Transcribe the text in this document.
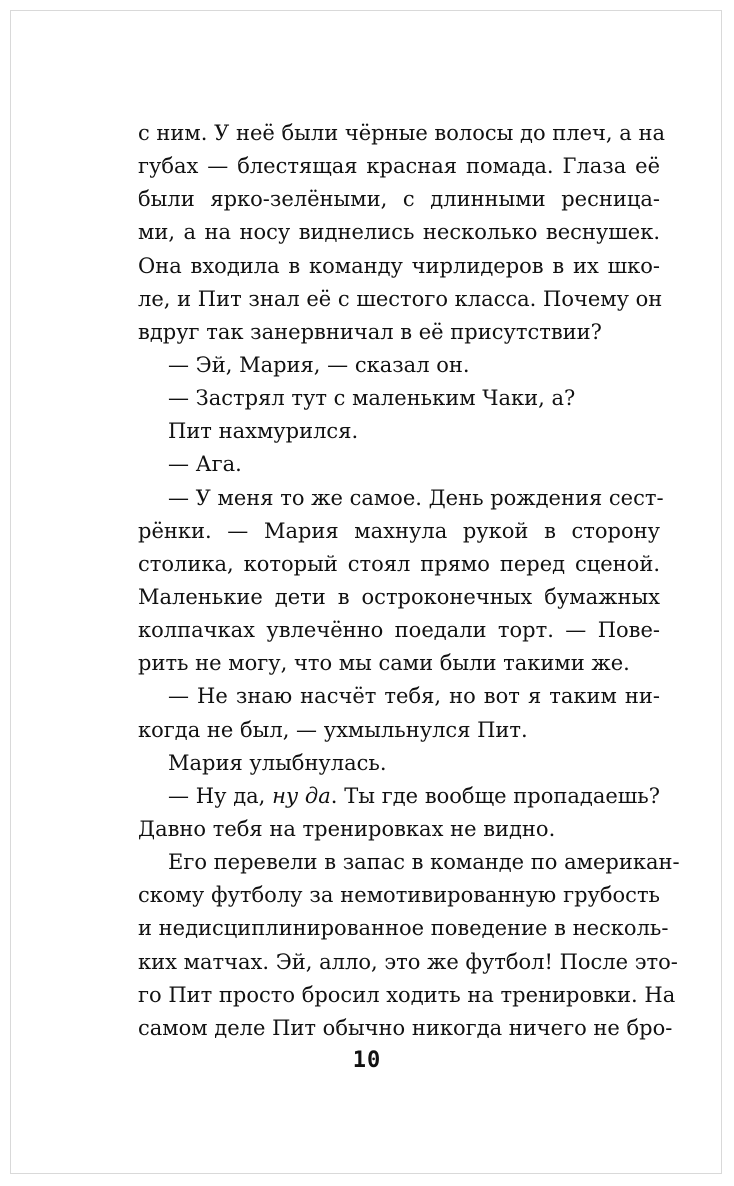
с ним. У неё были чёрные волосы до плеч, а на
губах — блестящая красная помада. Глаза её
были ярко-зелёными, с длинными ресница-
ми, а на носу виднелись несколько веснушек.
Она входила в команду чирлидеров в их шко-
ле, и Пит знал её с шестого класса. Почему он
вдруг так занервничал в её присутствии?
— Эй, Мария, — сказал он.
— Застрял тут с маленьким Чаки, а?
Пит нахмурился.
— Ага.
— У меня то же самое. День рождения сест-
рёнки. — Мария махнула рукой в сторону
столика, который стоял прямо перед сценой.
Маленькие дети в остроконечных бумажных
колпачках увлечённо поедали торт. — Пове-
рить не могу, что мы сами были такими же.
— Не знаю насчёт тебя, но вот я таким ни-
когда не был, — ухмыльнулся Пит.
Мария улыбнулась.
— Ну да, ну да. Ты где вообще пропадаешь?
Давно тебя на тренировках не видно.
Его перевели в запас в команде по американ-
скому футболу за немотивированную грубость
и недисциплинированное поведение в несколь-
ких матчах. Эй, алло, это же футбол! После это-
го Пит просто бросил ходить на тренировки. На
самом деле Пит обычно никогда ничего не бро-
10
